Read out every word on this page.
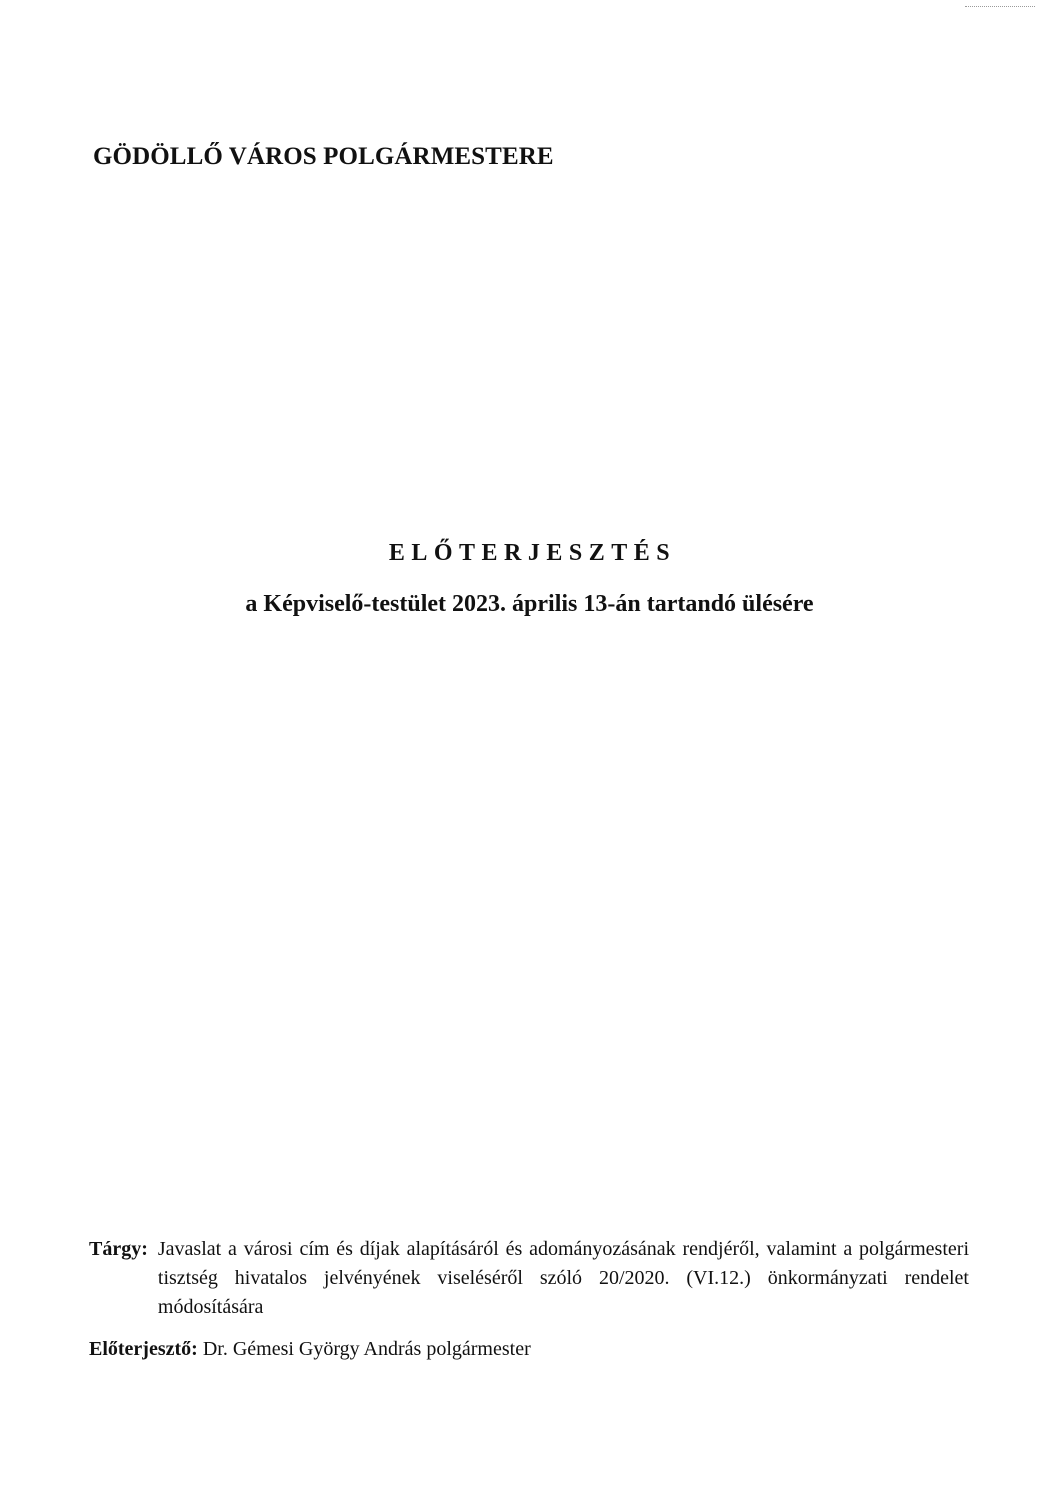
GÖDÖLLŐ VÁROS POLGÁRMESTERE
ELŐTERJESZTÉS
a Képviselő-testület 2023. április 13-án tartandó ülésére
Tárgy: Javaslat a városi cím és díjak alapításáról és adományozásának rendjéről, valamint a polgármesteri tisztség hivatalos jelvényének viseléséről szóló 20/2020. (VI.12.) önkormányzati rendelet módosítására
Előterjesztő: Dr. Gémesi György András polgármester
